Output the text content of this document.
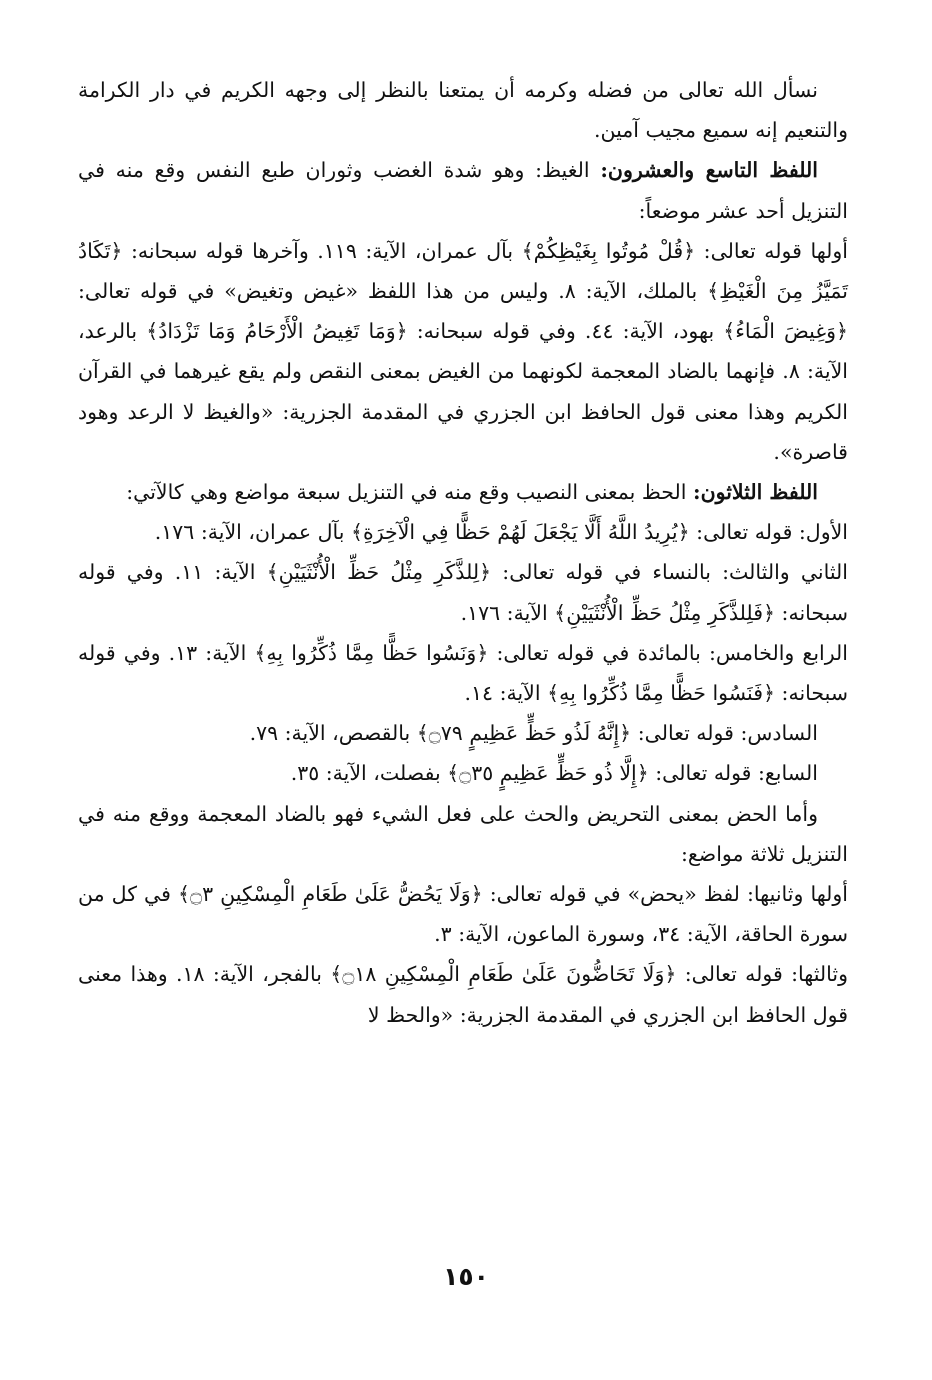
نسأل الله تعالى من فضله وكرمه أن يمتعنا بالنظر إلى وجهه الكريم في دار الكرامة والتنعيم إنه سميع مجيب آمين.

اللفظ التاسع والعشرون: الغيظ: وهو شدة الغضب وثوران طبع النفس وقع منه في التنزيل أحد عشر موضعاً:

أولها قوله تعالى: ﴿قُلْ مُوتُوا بِغَيْظِكُمْ﴾ بآل عمران، الآية: ١١٩. وآخرها قوله سبحانه: ﴿تَكَادُ تَمَيَّزُ مِنَ الْغَيْظِ﴾ بالملك، الآية: ٨. وليس من هذا اللفظ «غيض وتغيض» في قوله تعالى: ﴿وَغِيضَ الْمَاءُ﴾ بهود، الآية: ٤٤. وفي قوله سبحانه: ﴿وَمَا تَغِيضُ الْأَرْحَامُ وَمَا تَزْدَادُ﴾ بالرعد، الآية: ٨. فإنهما بالضاد المعجمة لكونهما من الغيض بمعنى النقص ولم يقع غيرهما في القرآن الكريم وهذا معنى قول الحافظ ابن الجزري في المقدمة الجزرية: «والغيظ لا الرعد وهود قاصرة».

اللفظ الثلاثون: الحظ بمعنى النصيب وقع منه في التنزيل سبعة مواضع وهي كالآتي:

الأول: قوله تعالى: ﴿يُرِيدُ اللَّهُ أَلَّا يَجْعَلَ لَهُمْ حَظًّا فِي الْآخِرَةِ﴾ بآل عمران، الآية: ١٧٦.

الثاني والثالث: بالنساء في قوله تعالى: ﴿لِلذَّكَرِ مِثْلُ حَظِّ الْأُنْثَيَيْنِ﴾ الآية: ١١. وفي قوله سبحانه: ﴿فَلِلذَّكَرِ مِثْلُ حَظِّ الْأُنْثَيَيْنِ﴾ الآية: ١٧٦.

الرابع والخامس: بالمائدة في قوله تعالى: ﴿وَنَسُوا حَظًّا مِمَّا ذُكِّرُوا بِهِ﴾ الآية: ١٣. وفي قوله سبحانه: ﴿فَنَسُوا حَظًّا مِمَّا ذُكِّرُوا بِهِ﴾ الآية: ١٤.

السادس: قوله تعالى: ﴿إِنَّهُ لَذُو حَظٍّ عَظِيمٍ ۝٧٩﴾ بالقصص، الآية: ٧٩.

السابع: قوله تعالى: ﴿إِلَّا ذُو حَظٍّ عَظِيمٍ ۝٣٥﴾ بفصلت، الآية: ٣٥.

وأما الحض بمعنى التحريض والحث على فعل الشيء فهو بالضاد المعجمة ووقع منه في التنزيل ثلاثة مواضع:

أولها وثانيها: لفظ «يحض» في قوله تعالى: ﴿وَلَا يَحُضُّ عَلَىٰ طَعَامِ الْمِسْكِينِ ۝٣﴾ في كل من سورة الحاقة، الآية: ٣٤، وسورة الماعون، الآية: ٣.

وثالثها: قوله تعالى: ﴿وَلَا تَحَاضُّونَ عَلَىٰ طَعَامِ الْمِسْكِينِ ۝١٨﴾ بالفجر، الآية: ١٨. وهذا معنى قول الحافظ ابن الجزري في المقدمة الجزرية: «والحظ لا

١٥٠
